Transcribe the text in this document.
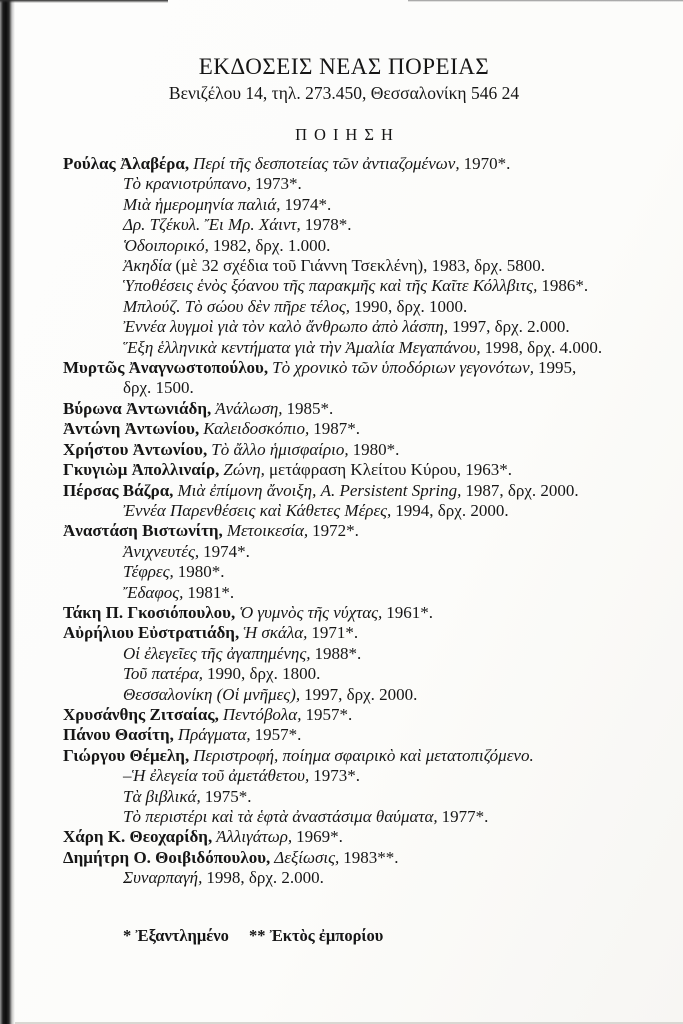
ΕΚΔΟΣΕΙΣ ΝΕΑΣ ΠΟΡΕΙΑΣ
Βενιζέλου 14, τηλ. 273.450, Θεσσαλονίκη 546 24
ΠΟΙΗΣΗ

Ρούλας Ἀλαβέρα, Περί τῆς δεσποτείας τῶν ἀντιαζομένων, 1970*.

Τὸ κρανιοτρύπανο, 1973*.

Μιὰ ἡμερομηνία παλιά, 1974*.

Δρ. Τζέκυλ. Ἔι Μρ. Χάιντ, 1978*.

Ὁδοιπορικό, 1982, δρχ. 1.000.

Ἀκηδία (μὲ 32 σχέδια τοῦ Γιάννη Τσεκλένη), 1983, δρχ. 5800.

Ὑποθέσεις ἑνὸς ξόανου τῆς παρακμῆς καὶ τῆς Καῖτε Κόλλβιτς, 1986*.

Μπλούζ. Τὸ σώου δὲν πῆρε τέλος, 1990, δρχ. 1000.

Ἐννέα λυγμοὶ γιὰ τὸν καλὸ ἄνθρωπο ἀπὸ λάσπη, 1997, δρχ. 2.000.

Ἕξη ἑλληνικὰ κεντήματα γιὰ τὴν Ἀμαλία Μεγαπάνου, 1998, δρχ. 4.000.

Μυρτῶς Ἀναγνωστοπούλου, Τὸ χρονικὸ τῶν ὑποδόριων γεγονότων, 1995,

δρχ. 1500.

Βύρωνα Ἀντωνιάδη, Ἀνάλωση, 1985*.

Ἀντώνη Ἀντωνίου, Καλειδοσκόπιο, 1987*.

Χρήστου Ἀντωνίου, Τὸ ἄλλο ἡμισφαίριο, 1980*.

Γκυγιὼμ Ἀπολλιναίρ, Ζώνη, μετάφραση Κλείτου Κύρου, 1963*.

Πέρσας Βάζρα, Μιὰ ἐπίμονη ἄνοιξη, A. Persistent Spring, 1987, δρχ. 2000.

Ἐννέα Παρενθέσεις καὶ Κάθετες Μέρες, 1994, δρχ. 2000.

Ἀναστάση Βιστωνίτη, Μετοικεσία, 1972*.

Ἀνιχνευτές, 1974*.

Τέφρες, 1980*.

Ἔδαφος, 1981*.

Τάκη Π. Γκοσιόπουλου, Ὁ γυμνὸς τῆς νύχτας, 1961*.

Αὐρήλιου Εὐστρατιάδη, Ἡ σκάλα, 1971*.

Οἱ ἐλεγεῖες τῆς ἀγαπημένης, 1988*.

Τοῦ πατέρα, 1990, δρχ. 1800.

Θεσσαλονίκη (Οἱ μνῆμες), 1997, δρχ. 2000.

Χρυσάνθης Ζιτσαίας, Πεντόβολα, 1957*.

Πάνου Θασίτη, Πράγματα, 1957*.

Γιώργου Θέμελη, Περιστροφή, ποίημα σφαιρικὸ καὶ μετατοπιζόμενο.

–Ἡ ἐλεγεία τοῦ ἀμετάθετου, 1973*.

Τὰ βιβλικά, 1975*.

Τὸ περιστέρι καὶ τὰ ἑφτὰ ἀναστάσιμα θαύματα, 1977*.

Χάρη Κ. Θεοχαρίδη, Ἀλλιγάτωρ, 1969*.

Δημήτρη Ο. Θοιβιδόπουλου, Δεξίωσις, 1983**.

Συναρπαγή, 1998, δρχ. 2.000.

* Ἐξαντλημένο ** Ἐκτὸς ἐμπορίου
